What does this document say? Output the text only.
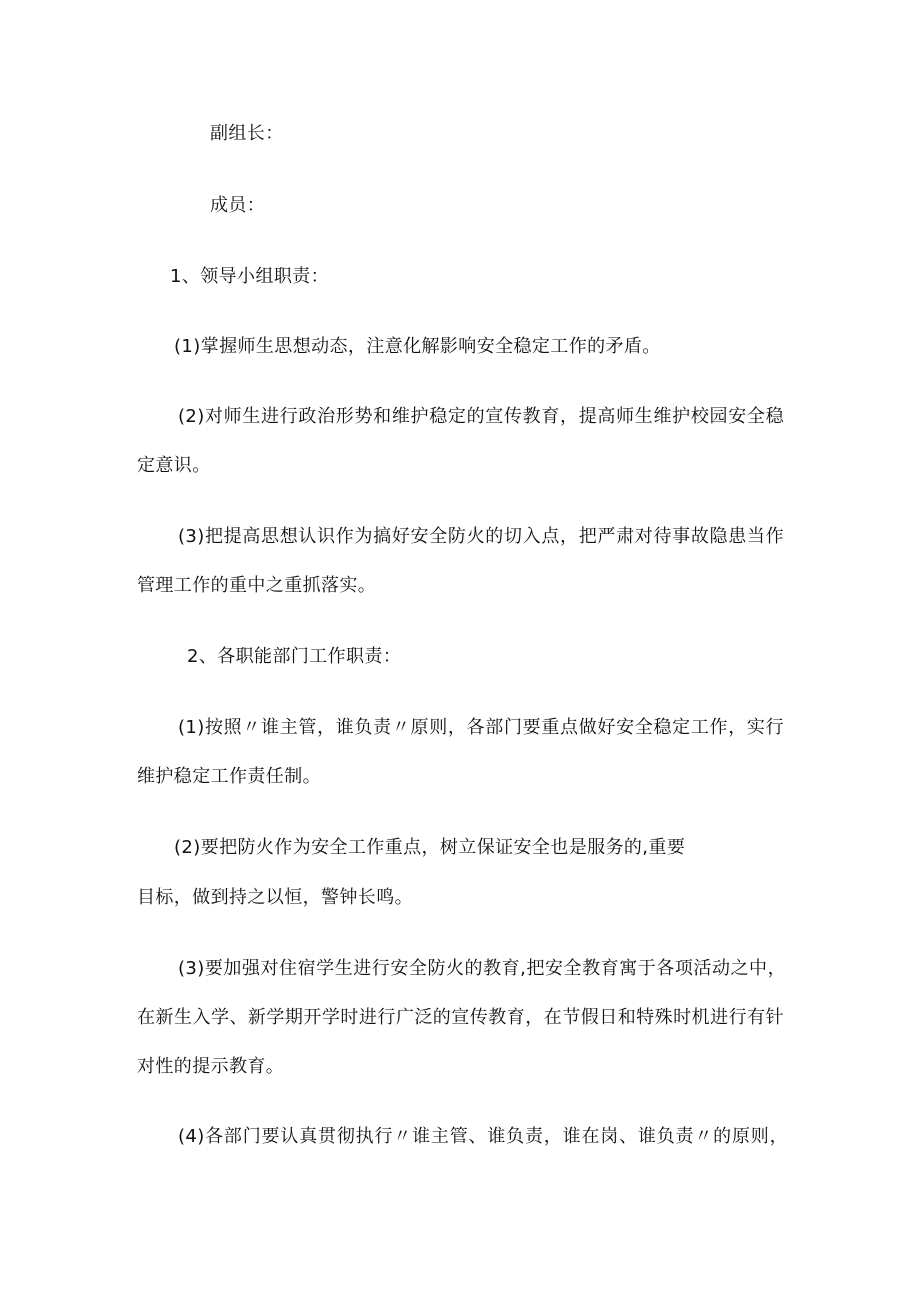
副组长：
成员：
1、领导小组职责：
(1)掌握师生思想动态，注意化解影响安全稳定工作的矛盾。
(2)对师生进行政治形势和维护稳定的宣传教育，提高师生维护校园安全稳
定意识。
(3)把提高思想认识作为搞好安全防火的切入点，把严肃对待事故隐患当作
管理工作的重中之重抓落实。
2、各职能部门工作职责：
(1)按照〃谁主管，谁负责〃原则，各部门要重点做好安全稳定工作，实行
维护稳定工作责任制。
(2)要把防火作为安全工作重点，树立保证安全也是服务的,重要
目标，做到持之以恒，警钟长鸣。
(3)要加强对住宿学生进行安全防火的教育,把安全教育寓于各项活动之中，
在新生入学、新学期开学时进行广泛的宣传教育，在节假日和特殊时机进行有针
对性的提示教育。
(4)各部门要认真贯彻执行〃谁主管、谁负责，谁在岗、谁负责〃的原则，
